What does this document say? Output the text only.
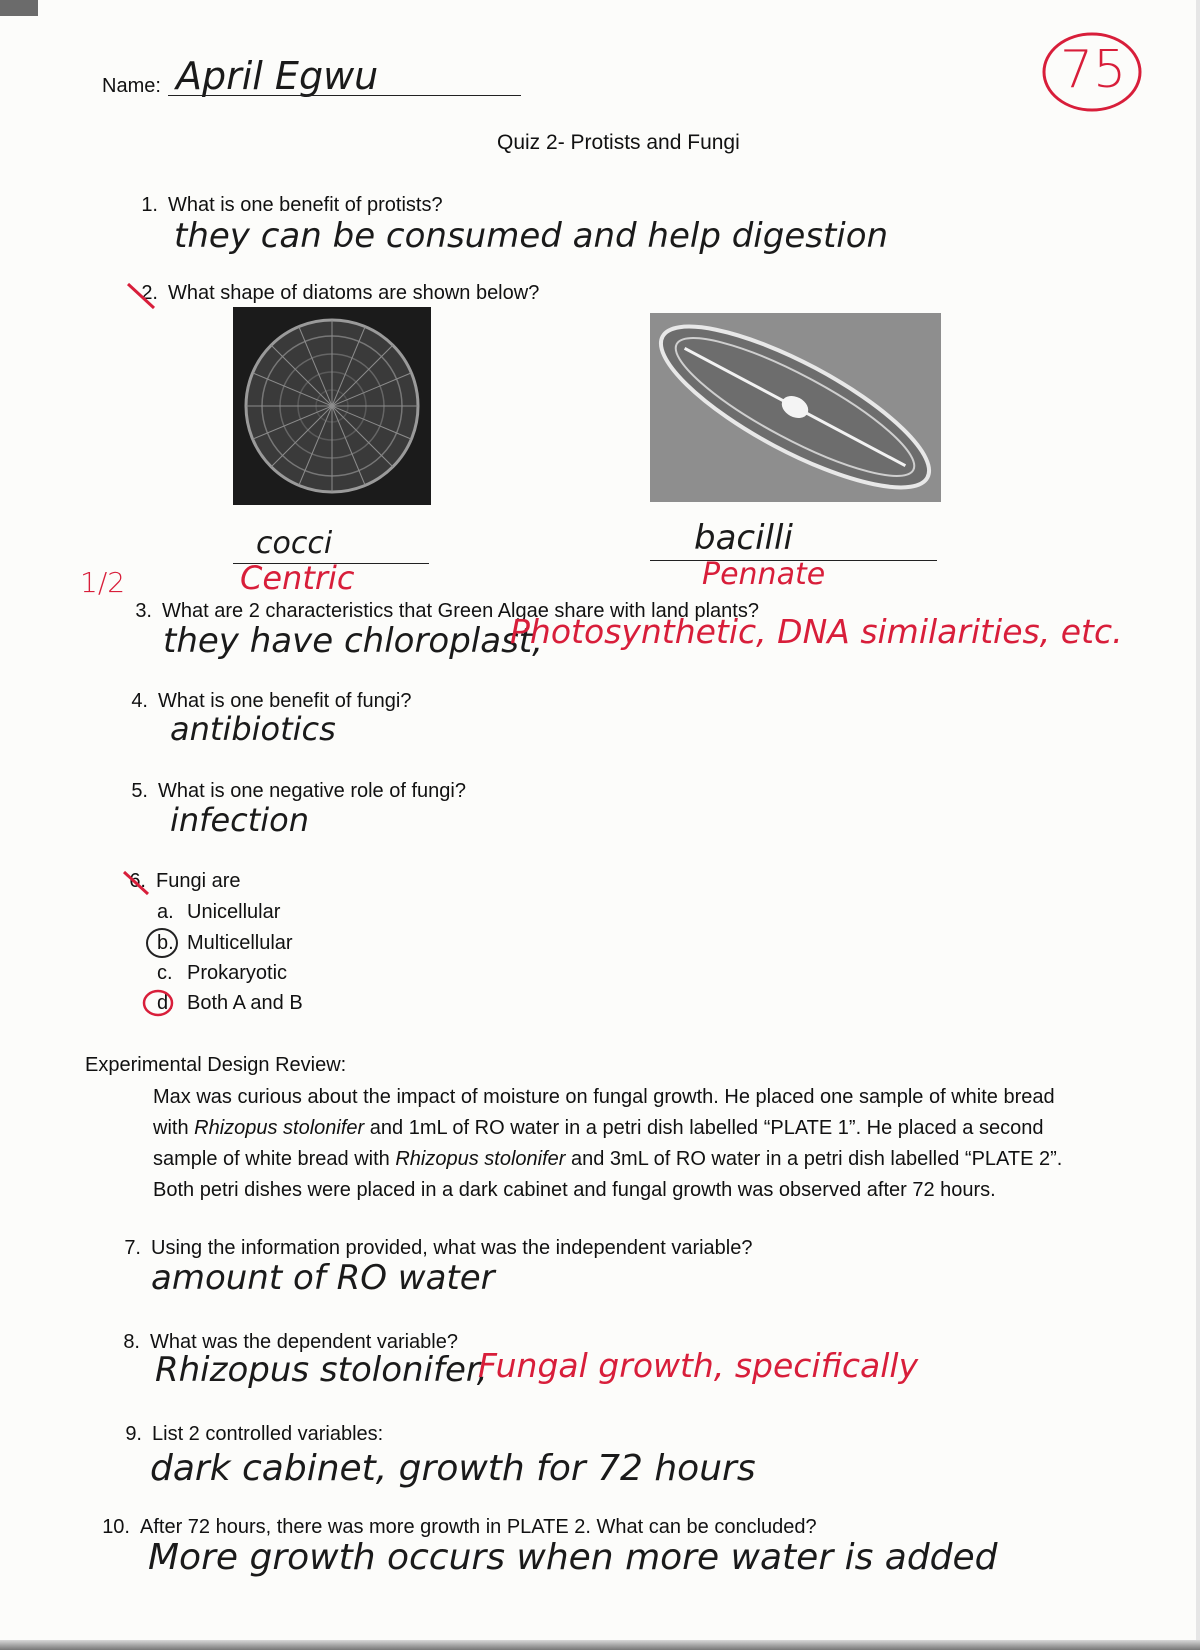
Name: April Egwu	75
Quiz 2- Protists and Fungi
1. What is one benefit of protists?
they can be consumed and help digestion
2. What shape of diatoms are shown below?
cocci
Centric
bacilli
Pennate
1/2
3. What are 2 characteristics that Green Algae share with land plants?
they have chloroplast,
Photosynthetic, DNA similarities, etc.
4. What is one benefit of fungi?
antibiotics
5. What is one negative role of fungi?
infection
6. Fungi are
a. Unicellular
b. Multicellular
c. Prokaryotic
d. Both A and B
Experimental Design Review:

Max was curious about the impact of moisture on fungal growth. He placed one sample of white bread

with Rhizopus stolonifer and 1mL of RO water in a petri dish labelled “PLATE 1”. He placed a second

sample of white bread with Rhizopus stolonifer and 3mL of RO water in a petri dish labelled “PLATE 2”.

Both petri dishes were placed in a dark cabinet and fungal growth was observed after 72 hours.

7. Using the information provided, what was the independent variable?
amount of RO water
8. What was the dependent variable?
Rhizopus stolonifer,
Fungal growth, specifically
9. List 2 controlled variables:
dark cabinet, growth for 72 hours
10. After 72 hours, there was more growth in PLATE 2. What can be concluded?
More growth occurs when more water is added
